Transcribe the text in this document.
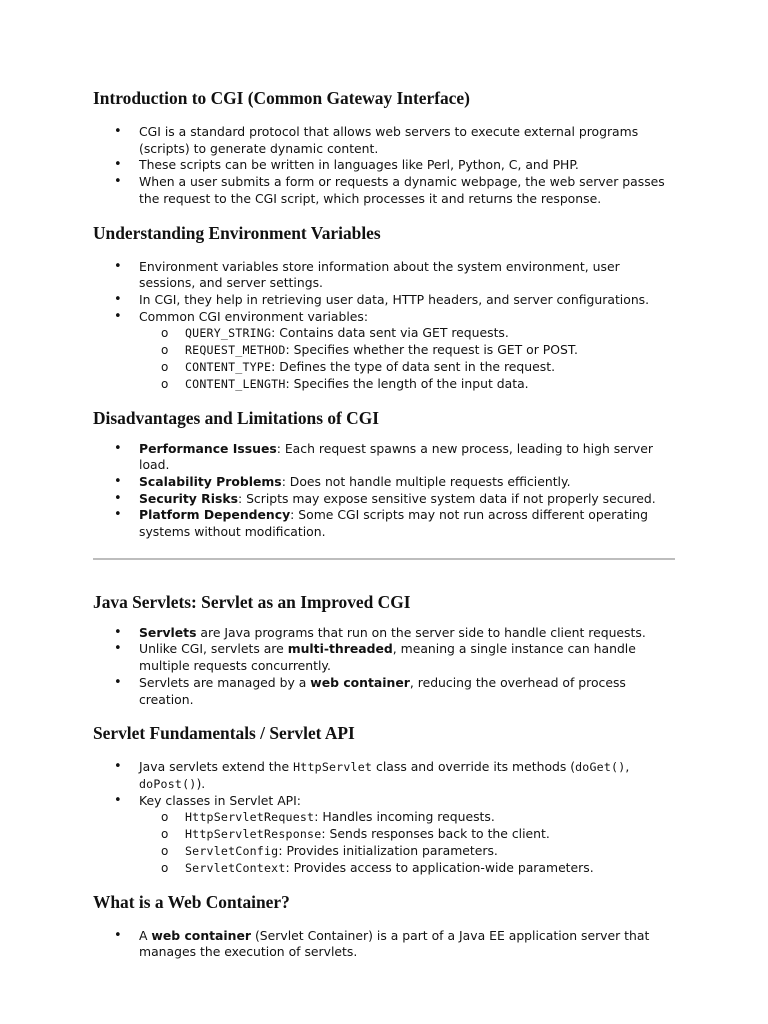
Introduction to CGI (Common Gateway Interface)
• CGI is a standard protocol that allows web servers to execute external programs (scripts) to generate dynamic content.
• These scripts can be written in languages like Perl, Python, C, and PHP.
• When a user submits a form or requests a dynamic webpage, the web server passes the request to the CGI script, which processes it and returns the response.
Understanding Environment Variables
• Environment variables store information about the system environment, user sessions, and server settings.
• In CGI, they help in retrieving user data, HTTP headers, and server configurations.
• Common CGI environment variables:
o QUERY_STRING: Contains data sent via GET requests.
o REQUEST_METHOD: Specifies whether the request is GET or POST.
o CONTENT_TYPE: Defines the type of data sent in the request.
o CONTENT_LENGTH: Specifies the length of the input data.
Disadvantages and Limitations of CGI
• Performance Issues: Each request spawns a new process, leading to high server load.
• Scalability Problems: Does not handle multiple requests efficiently.
• Security Risks: Scripts may expose sensitive system data if not properly secured.
• Platform Dependency: Some CGI scripts may not run across different operating systems without modification.
Java Servlets: Servlet as an Improved CGI
• Servlets are Java programs that run on the server side to handle client requests.
• Unlike CGI, servlets are multi-threaded, meaning a single instance can handle multiple requests concurrently.
• Servlets are managed by a web container, reducing the overhead of process creation.
Servlet Fundamentals / Servlet API
• Java servlets extend the HttpServlet class and override its methods (doGet(), doPost()).
• Key classes in Servlet API:
o HttpServletRequest: Handles incoming requests.
o HttpServletResponse: Sends responses back to the client.
o ServletConfig: Provides initialization parameters.
o ServletContext: Provides access to application-wide parameters.
What is a Web Container?
• A web container (Servlet Container) is a part of a Java EE application server that manages the execution of servlets.
